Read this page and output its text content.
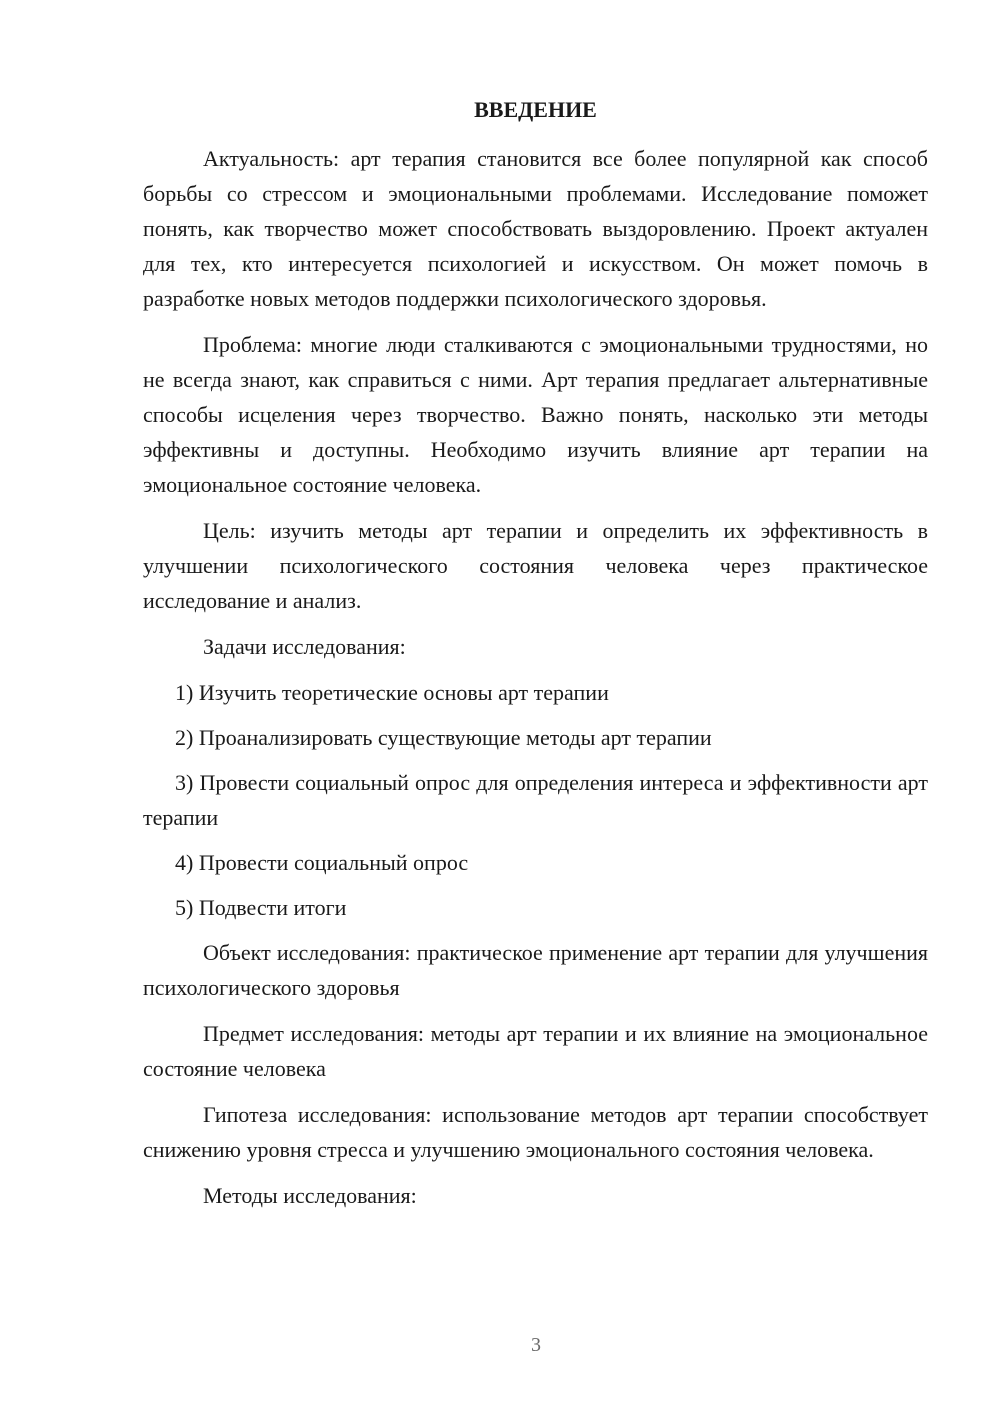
ВВЕДЕНИЕ

Актуальность: арт терапия становится все более популярной как способ борьбы со стрессом и эмоциональными проблемами. Исследование поможет понять, как творчество может способствовать выздоровлению. Проект актуален для тех, кто интересуется психологией и искусством. Он может помочь в разработке новых методов поддержки психологического здоровья.

Проблема: многие люди сталкиваются с эмоциональными трудностями, но не всегда знают, как справиться с ними. Арт терапия предлагает альтернативные способы исцеления через творчество. Важно понять, насколько эти методы эффективны и доступны. Необходимо изучить влияние арт терапии на эмоциональное состояние человека.

Цель: изучить методы арт терапии и определить их эффективность в улучшении психологического состояния человека через практическое исследование и анализ.

Задачи исследования:

1) Изучить теоретические основы арт терапии

2) Проанализировать существующие методы арт терапии

3) Провести социальный опрос для определения интереса и эффективности арт терапии

4) Провести социальный опрос

5) Подвести итоги

Объект исследования: практическое применение арт терапии для улучшения психологического здоровья

Предмет исследования: методы арт терапии и их влияние на эмоциональное состояние человека

Гипотеза исследования: использование методов арт терапии способствует снижению уровня стресса и улучшению эмоционального состояния человека.

Методы исследования:

3
